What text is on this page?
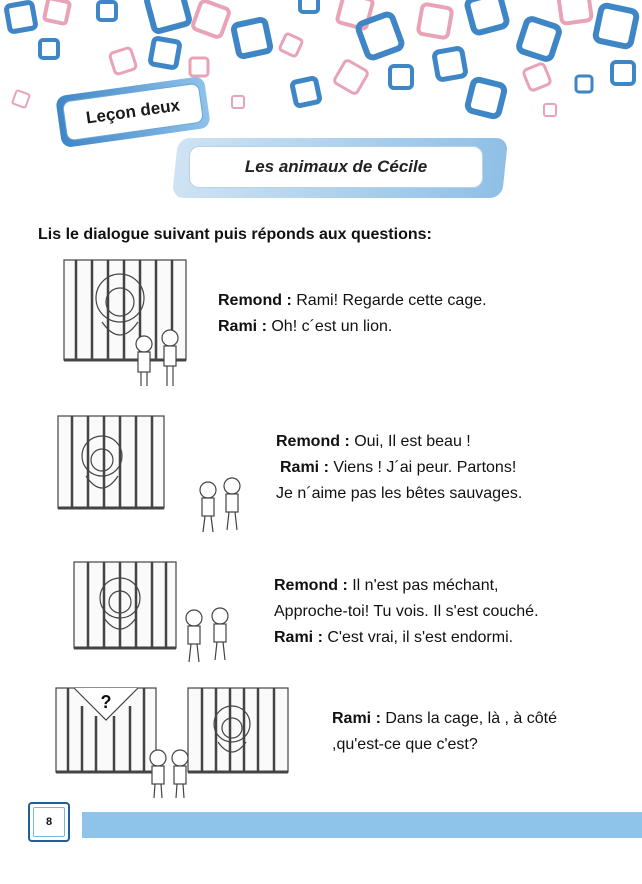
Leçon deux
Les animaux de Cécile
Lis le dialogue suivant puis réponds aux questions:
Remond : Rami! Regarde cette cage.
Rami : Oh! c´est un lion.
Remond : Oui, Il est beau !
Rami : Viens ! J´ai peur. Partons!
Je n´aime pas les bêtes sauvages.
Remond : Il n'est pas méchant,
Approche-toi! Tu vois. Il s'est couché.
Rami : C'est vrai, il s'est endormi.
?
Rami : Dans la cage, là , à côté
,qu'est-ce que c'est?
8
